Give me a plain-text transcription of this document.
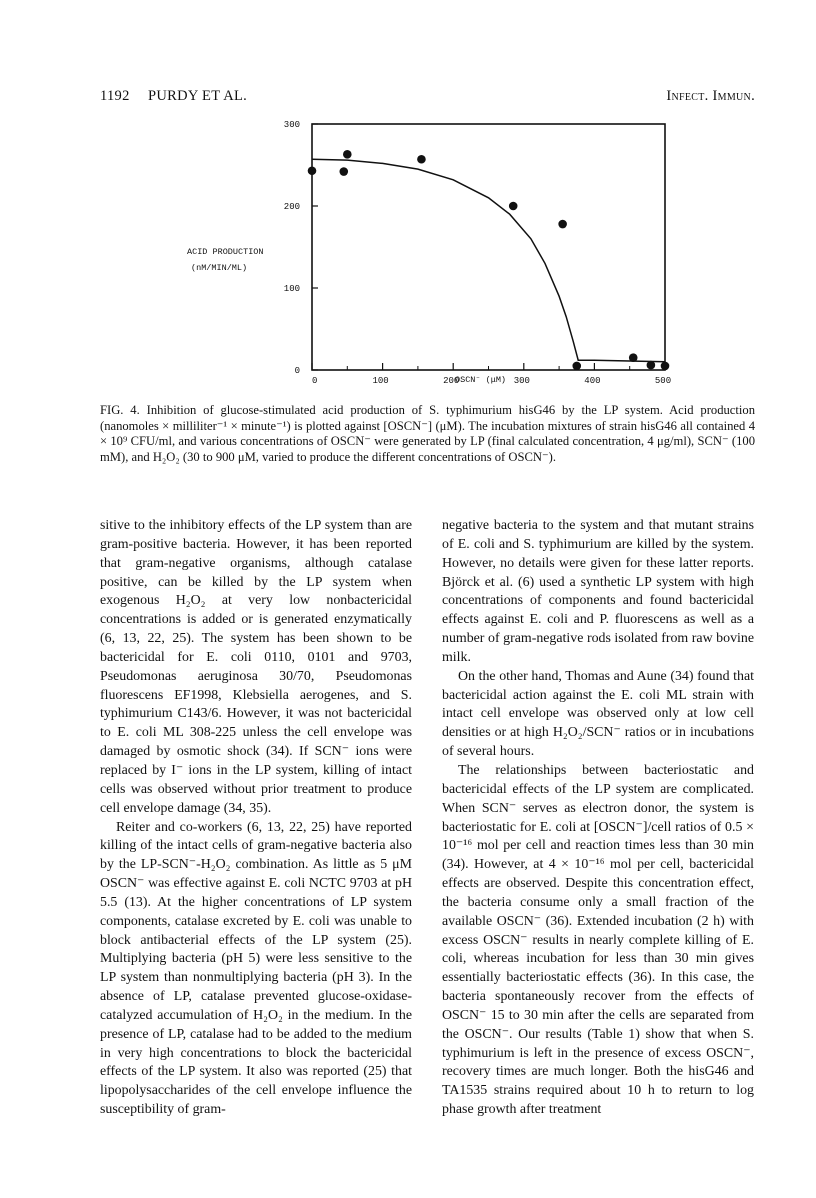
1192 PURDY ET AL.	Infect. Immun.
0	100	200	300	400	500
0
100
200
300
ACID PRODUCTION
(nM/MIN/ML)
OSCN⁻ (μM)
FIG. 4. Inhibition of glucose-stimulated acid production of S. typhimurium hisG46 by the LP system. Acid production (nanomoles × milliliter⁻¹ × minute⁻¹) is plotted against [OSCN⁻] (μM). The incubation mixtures of strain hisG46 all contained 4 × 10⁹ CFU/ml, and various concentrations of OSCN⁻ were generated by LP (final calculated concentration, 4 μg/ml), SCN⁻ (100 mM), and H₂O₂ (30 to 900 μM, varied to produce the different concentrations of OSCN⁻).

sitive to the inhibitory effects of the LP system than are gram-positive bacteria. However, it has been reported that gram-negative organisms, although catalase positive, can be killed by the LP system when exogenous H₂O₂ at very low nonbactericidal concentrations is added or is generated enzymatically (6, 13, 22, 25). The system has been shown to be bactericidal for E. coli 0110, 0101 and 9703, Pseudomonas aeruginosa 30/70, Pseudomonas fluorescens EF1998, Klebsiella aerogenes, and S. typhimurium C143/6. However, it was not bactericidal to E. coli ML 308-225 unless the cell envelope was damaged by osmotic shock (34). If SCN⁻ ions were replaced by I⁻ ions in the LP system, killing of intact cells was observed without prior treatment to produce cell envelope damage (34, 35).

Reiter and co-workers (6, 13, 22, 25) have reported killing of the intact cells of gram-negative bacteria also by the LP-SCN⁻-H₂O₂ combination. As little as 5 μM OSCN⁻ was effective against E. coli NCTC 9703 at pH 5.5 (13). At the higher concentrations of LP system components, catalase excreted by E. coli was unable to block antibacterial effects of the LP system (25). Multiplying bacteria (pH 5) were less sensitive to the LP system than nonmultiplying bacteria (pH 3). In the absence of LP, catalase prevented glucose-oxidase-catalyzed accumulation of H₂O₂ in the medium. In the presence of LP, catalase had to be added to the medium in very high concentrations to block the bactericidal effects of the LP system. It also was reported (25) that lipopolysaccharides of the cell envelope influence the susceptibility of gram-

negative bacteria to the system and that mutant strains of E. coli and S. typhimurium are killed by the system. However, no details were given for these latter reports. Björck et al. (6) used a synthetic LP system with high concentrations of components and found bactericidal effects against E. coli and P. fluorescens as well as a number of gram-negative rods isolated from raw bovine milk.

On the other hand, Thomas and Aune (34) found that bactericidal action against the E. coli ML strain with intact cell envelope was observed only at low cell densities or at high H₂O₂/SCN⁻ ratios or in incubations of several hours.

The relationships between bacteriostatic and bactericidal effects of the LP system are complicated. When SCN⁻ serves as electron donor, the system is bacteriostatic for E. coli at [OSCN⁻]/cell ratios of 0.5 × 10⁻¹⁶ mol per cell and reaction times less than 30 min (34). However, at 4 × 10⁻¹⁶ mol per cell, bactericidal effects are observed. Despite this concentration effect, the bacteria consume only a small fraction of the available OSCN⁻ (36). Extended incubation (2 h) with excess OSCN⁻ results in nearly complete killing of E. coli, whereas incubation for less than 30 min gives essentially bacteriostatic effects (36). In this case, the bacteria spontaneously recover from the effects of OSCN⁻ 15 to 30 min after the cells are separated from the OSCN⁻. Our results (Table 1) show that when S. typhimurium is left in the presence of excess OSCN⁻, recovery times are much longer. Both the hisG46 and TA1535 strains required about 10 h to return to log phase growth after treatment
